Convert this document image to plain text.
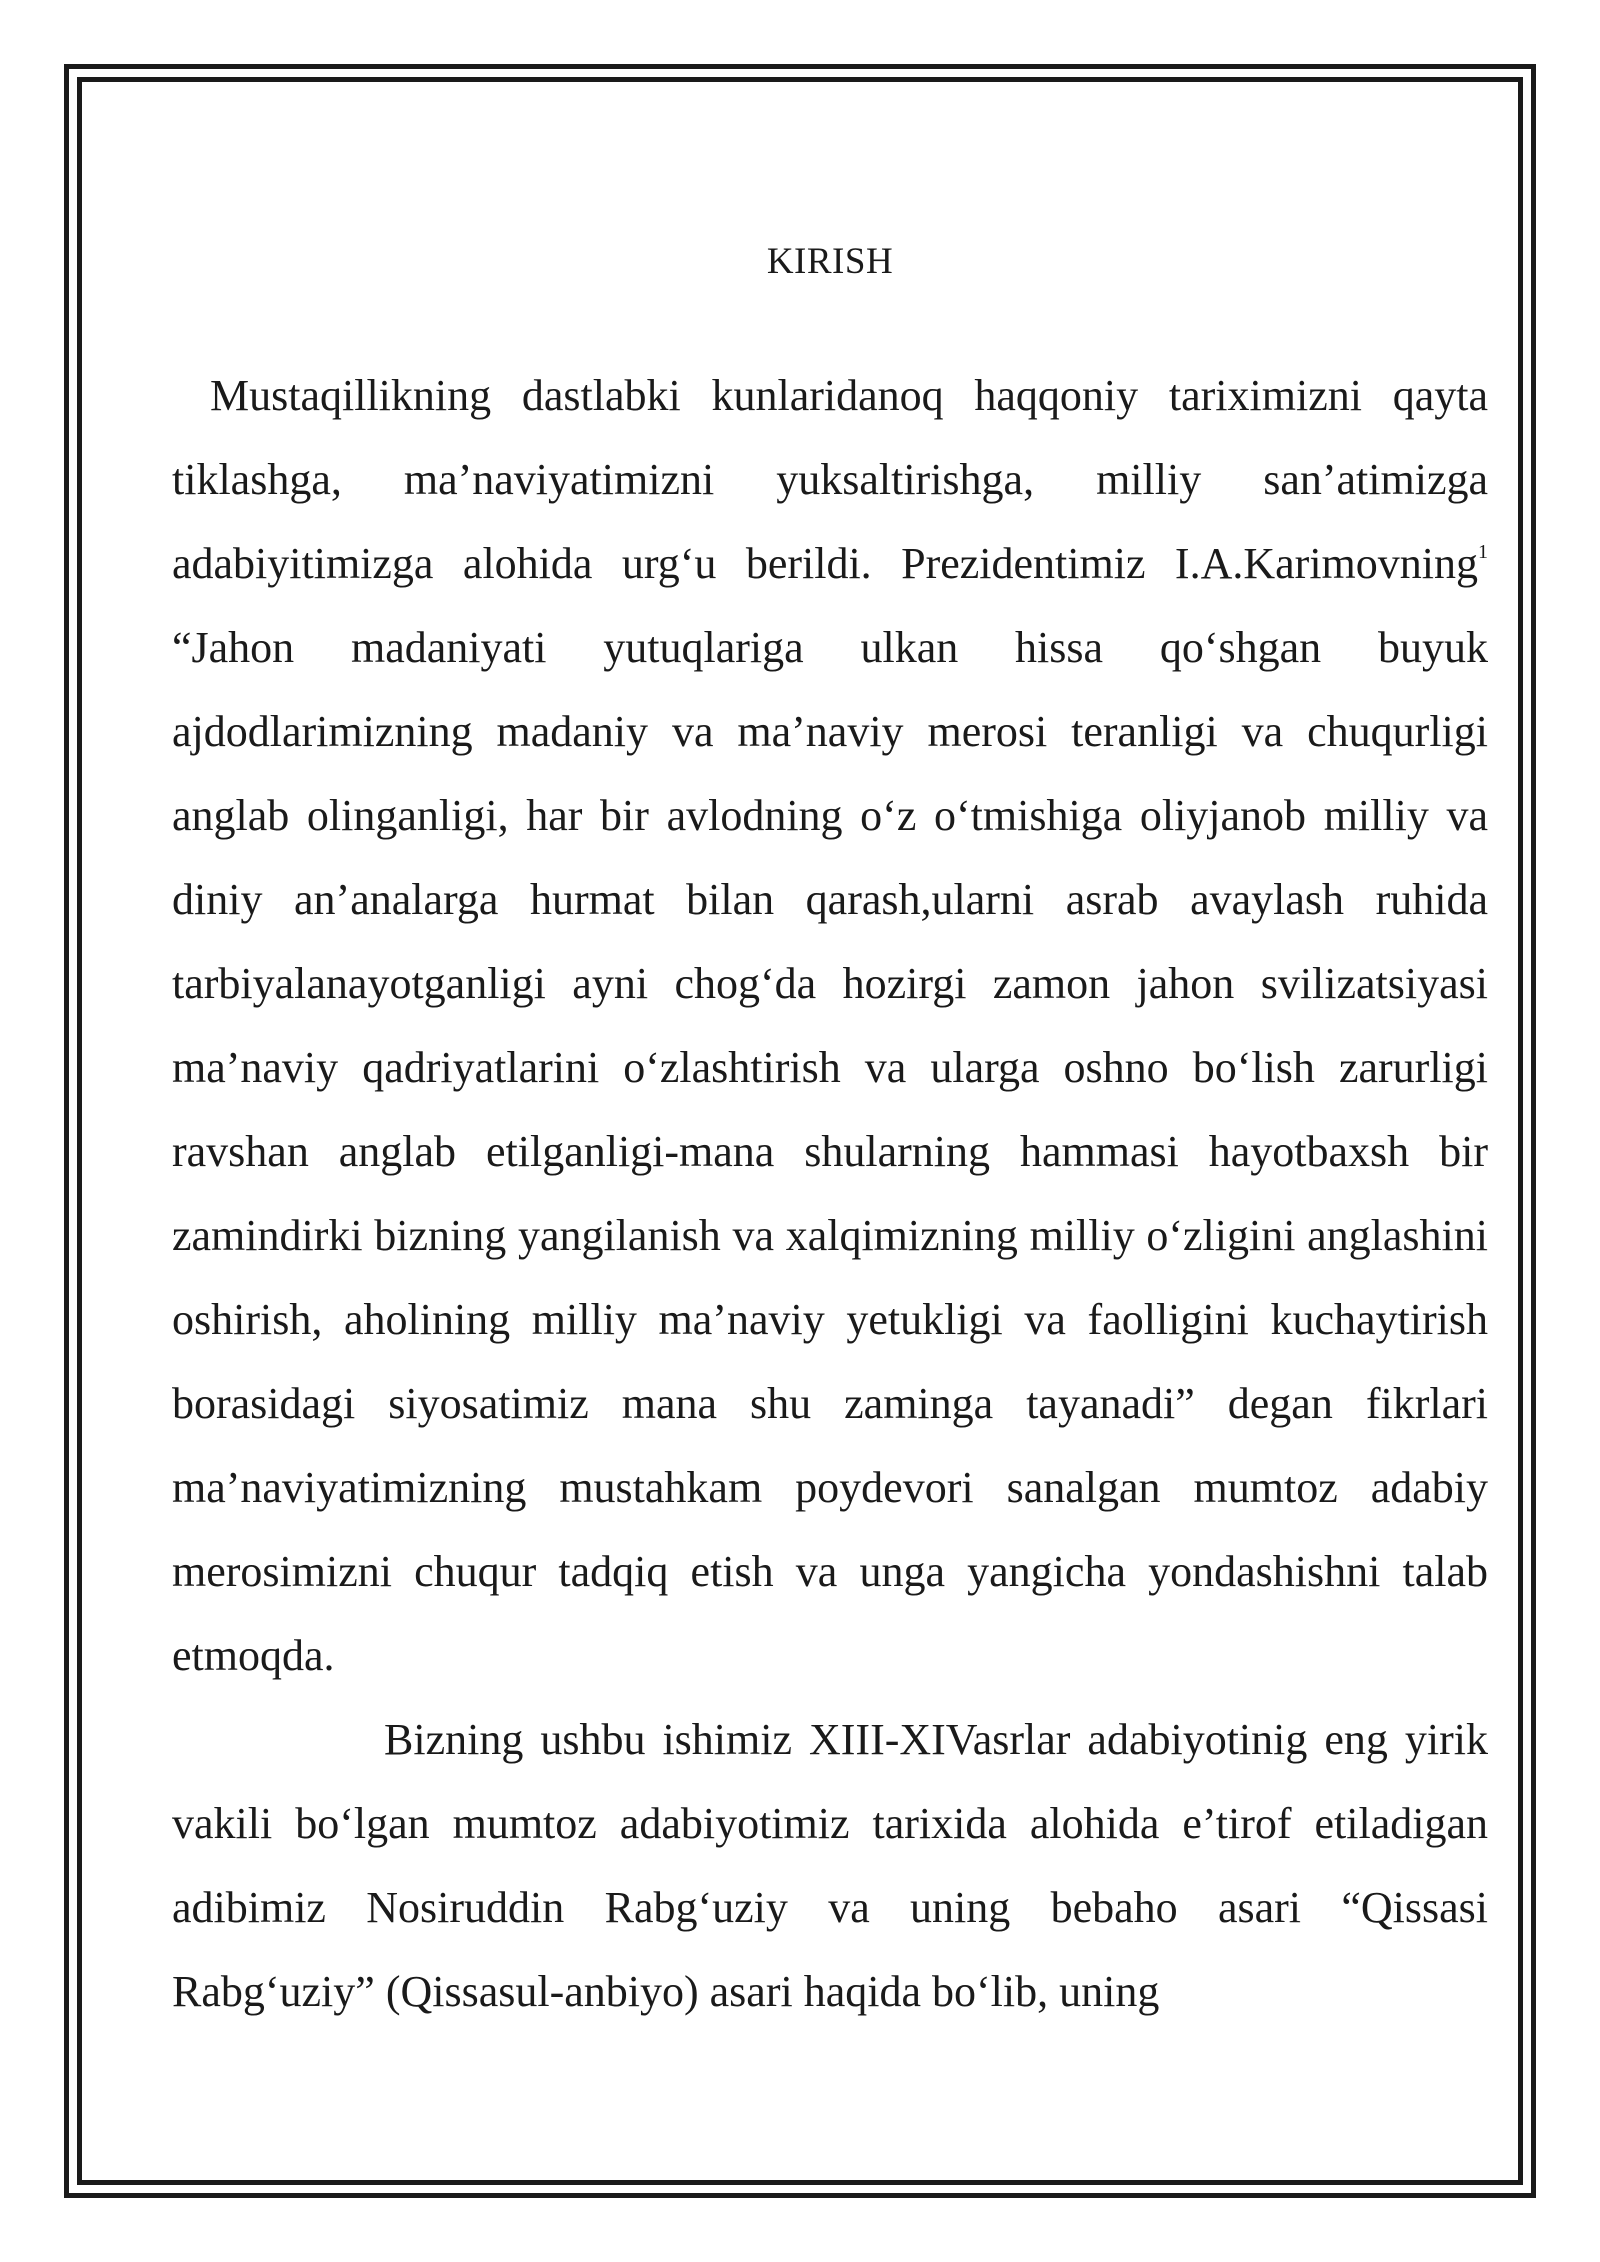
KIRISH

Mustaqillikning dastlabki kunlaridanoq haqqoniy tariximizni qayta tiklashga, ma’naviyatimizni yuksaltirishga, milliy san’atimizga adabiyitimizga alohida urg‘u berildi. Prezidentimiz I.A.Karimovning$^1$ “Jahon madaniyati yutuqlariga ulkan hissa qo‘shgan buyuk ajdodlarimizning madaniy va ma’naviy merosi teranligi va chuqurligi anglab olinganligi, har bir avlodning o‘z o‘tmishiga oliyjanob milliy va diniy an’analarga hurmat bilan qarash,ularni asrab avaylash ruhida tarbiyalanayotganligi ayni chog‘da hozirgi zamon jahon svilizatsiyasi ma’naviy qadriyatlarini o‘zlashtirish va ularga oshno bo‘lish zarurligi ravshan anglab etilganligi-mana shularning hammasi hayotbaxsh bir zamindirki bizning yangilanish va xalqimizning milliy o‘zligini anglashini oshirish, aholining milliy ma’naviy yetukligi va faolligini kuchaytirish borasidagi siyosatimiz mana shu zaminga tayanadi” degan fikrlari ma’naviyatimizning mustahkam poydevori sanalgan mumtoz adabiy merosimizni chuqur tadqiq etish va unga yangicha yondashishni talab etmoqda.

Bizning ushbu ishimiz XIII-XIVasrlar adabiyotinig eng yirik vakili bo‘lgan mumtoz adabiyotimiz tarixida alohida e’tirof etiladigan adibimiz Nosiruddin Rabg‘uziy va uning bebaho asari “Qissasi Rabg‘uziy” (Qissasul-anbiyo) asari haqida bo‘lib, uning
